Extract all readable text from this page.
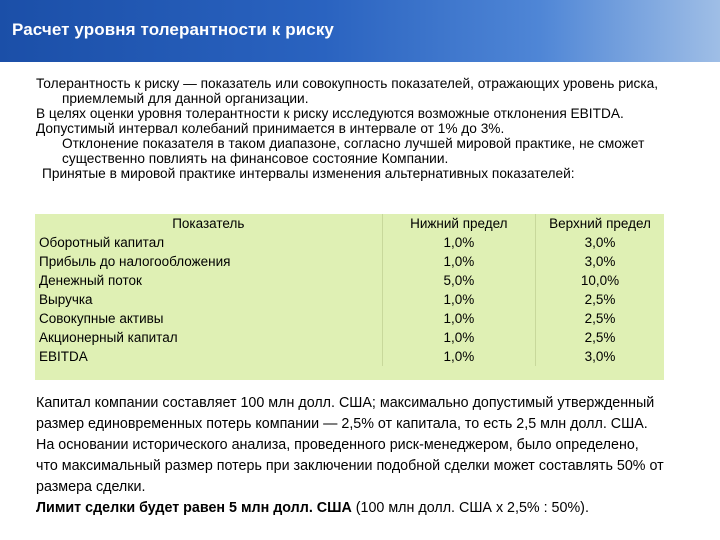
Расчет уровня толерантности к риску

Толерантность к риску — показатель или совокупность показателей, отражающих уровень риска, приемлемый для данной организации.

В целях оценки уровня толерантности к риску исследуются возможные отклонения EBITDA.

Допустимый интервал колебаний принимается в интервале от 1% до 3%.

Отклонение показателя в таком диапазоне, согласно лучшей мировой практике, не сможет существенно повлиять на финансовое состояние Компании.

Принятые в мировой практике интервалы изменения альтернативных показателей:

Показатель	Нижний предел	Верхний предел
Оборотный капитал	1,0%	3,0%
Прибыль до налогообложения	1,0%	3,0%
Денежный поток	5,0%	10,0%
Выручка	1,0%	2,5%
Совокупные активы	1,0%	2,5%
Акционерный капитал	1,0%	2,5%
EBITDA	1,0%	3,0%

Капитал компании составляет 100 млн долл. США; максимально допустимый утвержденный размер единовременных потерь компании — 2,5% от капитала, то есть 2,5 млн долл. США. На основании исторического анализа, проведенного риск-менеджером, было определено, что максимальный размер потерь при заключении подобной сделки может составлять 50% от размера сделки.

Лимит сделки будет равен 5 млн долл. США (100 млн долл. США х 2,5% : 50%).
